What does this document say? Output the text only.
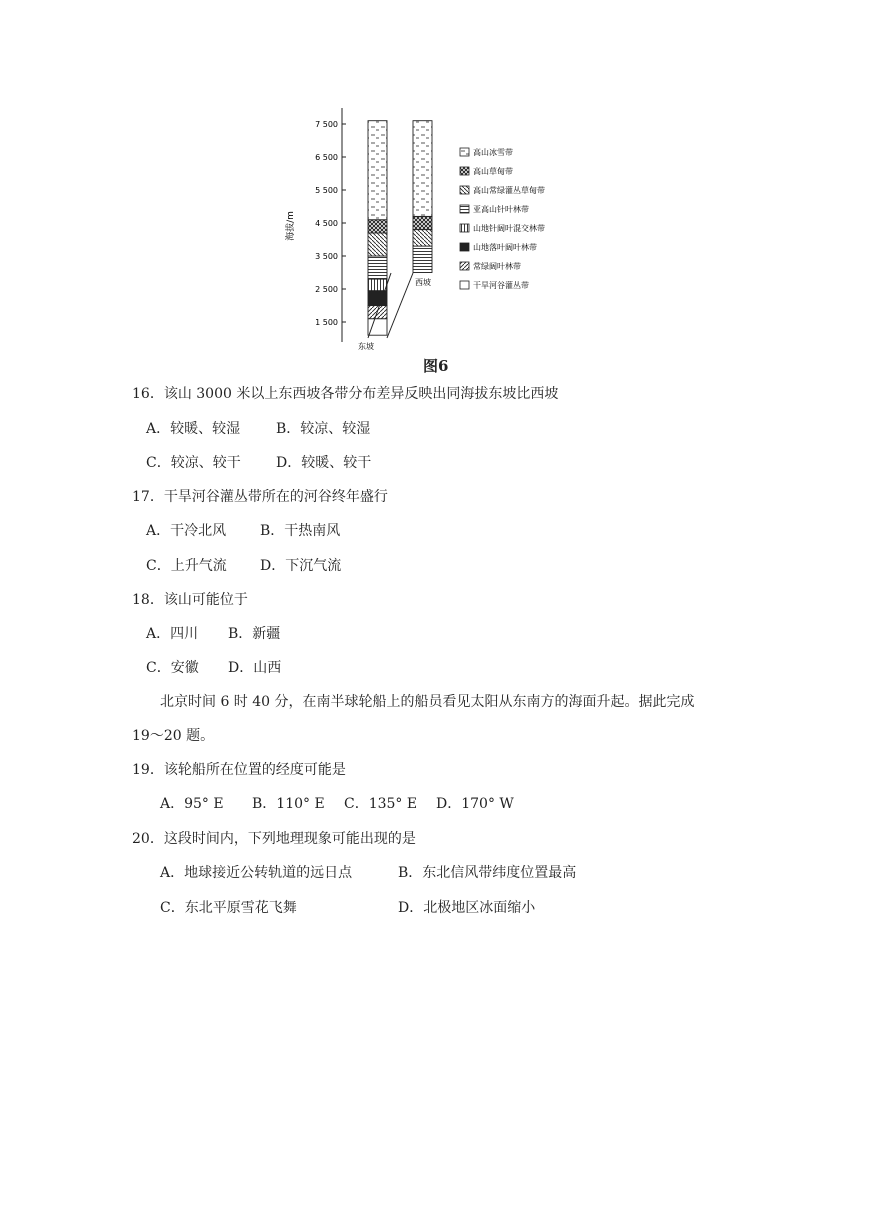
海拔/m
7 500
6 500
5 500
4 500
3 500
2 500
1 500
东坡
西坡
高山冰雪带
高山草甸带
高山常绿灌丛草甸带
亚高山针叶林带
山地针阔叶混交林带
山地落叶阔叶林带
常绿阔叶林带
干旱河谷灌丛带
图6
16．该山 3000 米以上东西坡各带分布差异反映出同海拔东坡比西坡
A．较暖、较湿	B．较凉、较湿
C．较凉、较干	D．较暖、较干
17．干旱河谷灌丛带所在的河谷终年盛行
A．干冷北风 B．干热南风
C．上升气流 D．下沉气流
18．该山可能位于
A．四川 B．新疆
C．安徽 D．山西
北京时间 6 时 40 分，在南半球轮船上的船员看见太阳从东南方的海面升起。据此完成
19～20 题。
19．该轮船所在位置的经度可能是
A．95° E B．110° E C．135° E D．170° W
20．这段时间内，下列地理现象可能出现的是
A．地球接近公转轨道的远日点	B．东北信风带纬度位置最高
C．东北平原雪花飞舞	D．北极地区冰面缩小
